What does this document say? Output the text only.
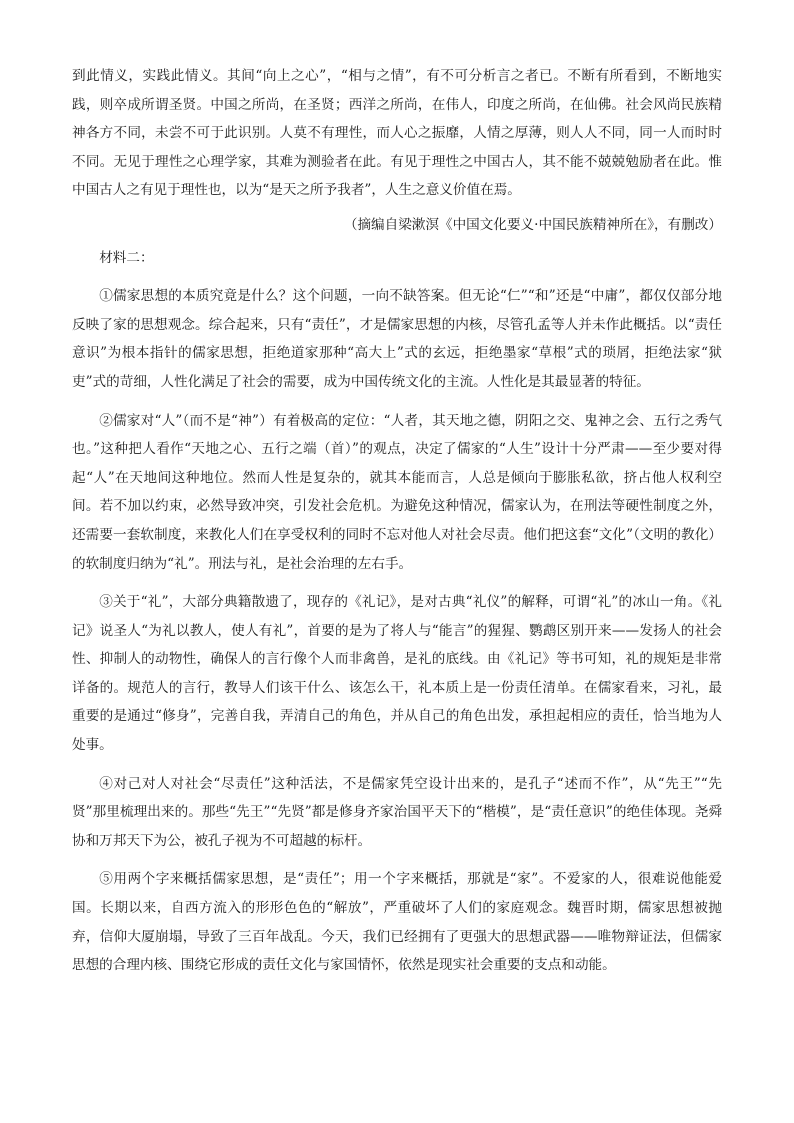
到此情义，实践此情义。其间“向上之心”，“相与之情”，有不可分析言之者已。不断有所看到，不断地实践，则卒成所谓圣贤。中国之所尚，在圣贤；西洋之所尚，在伟人，印度之所尚，在仙佛。社会风尚民族精神各方不同，未尝不可于此识别。人莫不有理性，而人心之振靡，人情之厚薄，则人人不同，同一人而时时不同。无见于理性之心理学家，其难为测验者在此。有见于理性之中国古人，其不能不兢兢勉励者在此。惟中国古人之有见于理性也，以为“是天之所予我者”，人生之意义价值在焉。

（摘编自梁漱溟《中国文化要义·中国民族精神所在》，有删改）

材料二：

①儒家思想的本质究竟是什么？这个问题，一向不缺答案。但无论“仁”“和”还是“中庸”，都仅仅部分地反映了家的思想观念。综合起来，只有“责任”，才是儒家思想的内核，尽管孔孟等人并未作此概括。以“责任意识”为根本指针的儒家思想，拒绝道家那种“高大上”式的玄远，拒绝墨家“草根”式的琐屑，拒绝法家“狱吏”式的苛细，人性化满足了社会的需要，成为中国传统文化的主流。人性化是其最显著的特征。

②儒家对“人”（而不是“神”）有着极高的定位：“人者，其天地之德，阴阳之交、鬼神之会、五行之秀气也。”这种把人看作“天地之心、五行之端（首）”的观点，决定了儒家的“人生”设计十分严肃——至少要对得起“人”在天地间这种地位。然而人性是复杂的，就其本能而言，人总是倾向于膨胀私欲，挤占他人权利空间。若不加以约束，必然导致冲突，引发社会危机。为避免这种情况，儒家认为，在刑法等硬性制度之外，还需要一套软制度，来教化人们在享受权利的同时不忘对他人对社会尽责。他们把这套“文化”（文明的教化）的软制度归纳为“礼”。刑法与礼，是社会治理的左右手。

③关于“礼”，大部分典籍散遗了，现存的《礼记》，是对古典“礼仪”的解释，可谓“礼”的冰山一角。《礼记》说圣人“为礼以教人，使人有礼”，首要的是为了将人与“能言”的猩猩、鹦鹉区别开来——发扬人的社会性、抑制人的动物性，确保人的言行像个人而非禽兽，是礼的底线。由《礼记》等书可知，礼的规矩是非常详备的。规范人的言行，教导人们该干什么、该怎么干，礼本质上是一份责任清单。在儒家看来，习礼，最重要的是通过“修身”，完善自我，弄清自己的角色，并从自己的角色出发，承担起相应的责任，恰当地为人处事。

④对己对人对社会“尽责任”这种活法，不是儒家凭空设计出来的，是孔子“述而不作”，从“先王”“先贤”那里梳理出来的。那些“先王”“先贤”都是修身齐家治国平天下的“楷模”，是“责任意识”的绝佳体现。尧舜协和万邦天下为公，被孔子视为不可超越的标杆。

⑤用两个字来概括儒家思想，是“责任”；用一个字来概括，那就是“家”。不爱家的人，很难说他能爱国。长期以来，自西方流入的形形色色的“解放”，严重破坏了人们的家庭观念。魏晋时期，儒家思想被抛弃，信仰大厦崩塌，导致了三百年战乱。今天，我们已经拥有了更强大的思想武器——唯物辩证法，但儒家思想的合理内核、围绕它形成的责任文化与家国情怀，依然是现实社会重要的支点和动能。
